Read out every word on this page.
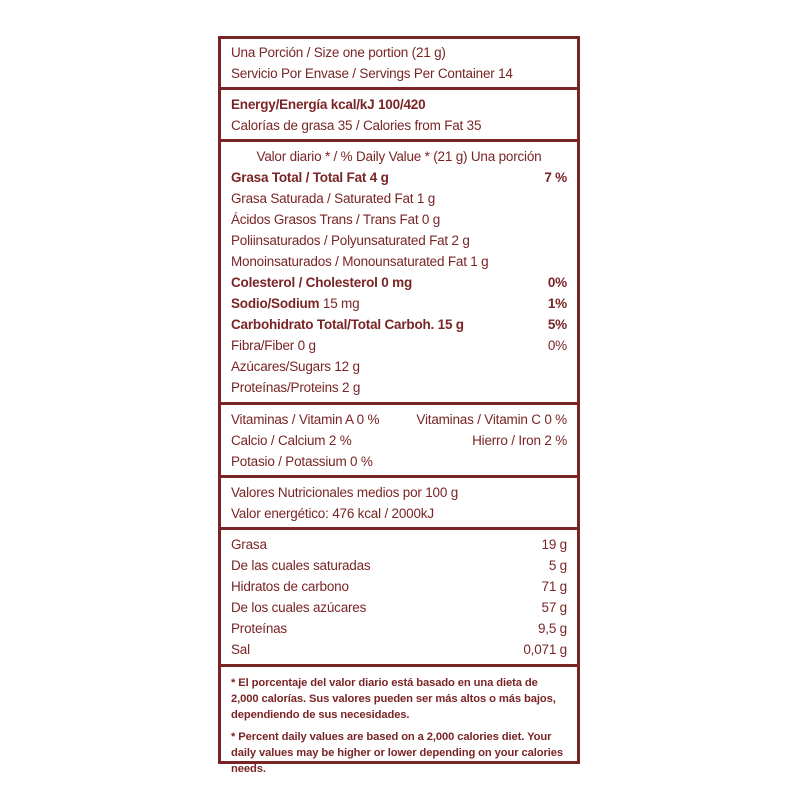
Una Porción / Size one portion (21 g)
Servicio Por Envase / Servings Per Container 14
Energy/Energía kcal/kJ 100/420
Calorías de grasa 35 / Calories from Fat 35
Valor diario * / % Daily Value * (21 g) Una porción
Grasa Total / Total Fat 4 g	7 %
Grasa Saturada / Saturated Fat 1 g
Ácidos Grasos Trans / Trans Fat 0 g
Poliinsaturados / Polyunsaturated Fat 2 g
Monoinsaturados / Monounsaturated Fat 1 g
Colesterol / Cholesterol 0 mg	0%
Sodio/Sodium 15 mg	1%
Carbohidrato Total/Total Carboh. 15 g	5%
Fibra/Fiber 0 g	0%
Azúcares/Sugars 12 g
Proteínas/Proteins 2 g
Vitaminas / Vitamin A 0 %	Vitaminas / Vitamin C 0 %
Calcio / Calcium 2 %	Hierro / Iron 2 %
Potasio / Potassium 0 %
Valores Nutricionales medios por 100 g
Valor energético: 476 kcal / 2000kJ
Grasa	19 g
De las cuales saturadas	5 g
Hidratos de carbono	71 g
De los cuales azúcares	57 g
Proteínas	9,5 g
Sal	0,071 g

* El porcentaje del valor diario está basado en una dieta de 2,000 calorías. Sus valores pueden ser más altos o más bajos, dependiendo de sus necesidades.

* Percent daily values are based on a 2,000 calories diet. Your daily values may be higher or lower depending on your calories needs.
